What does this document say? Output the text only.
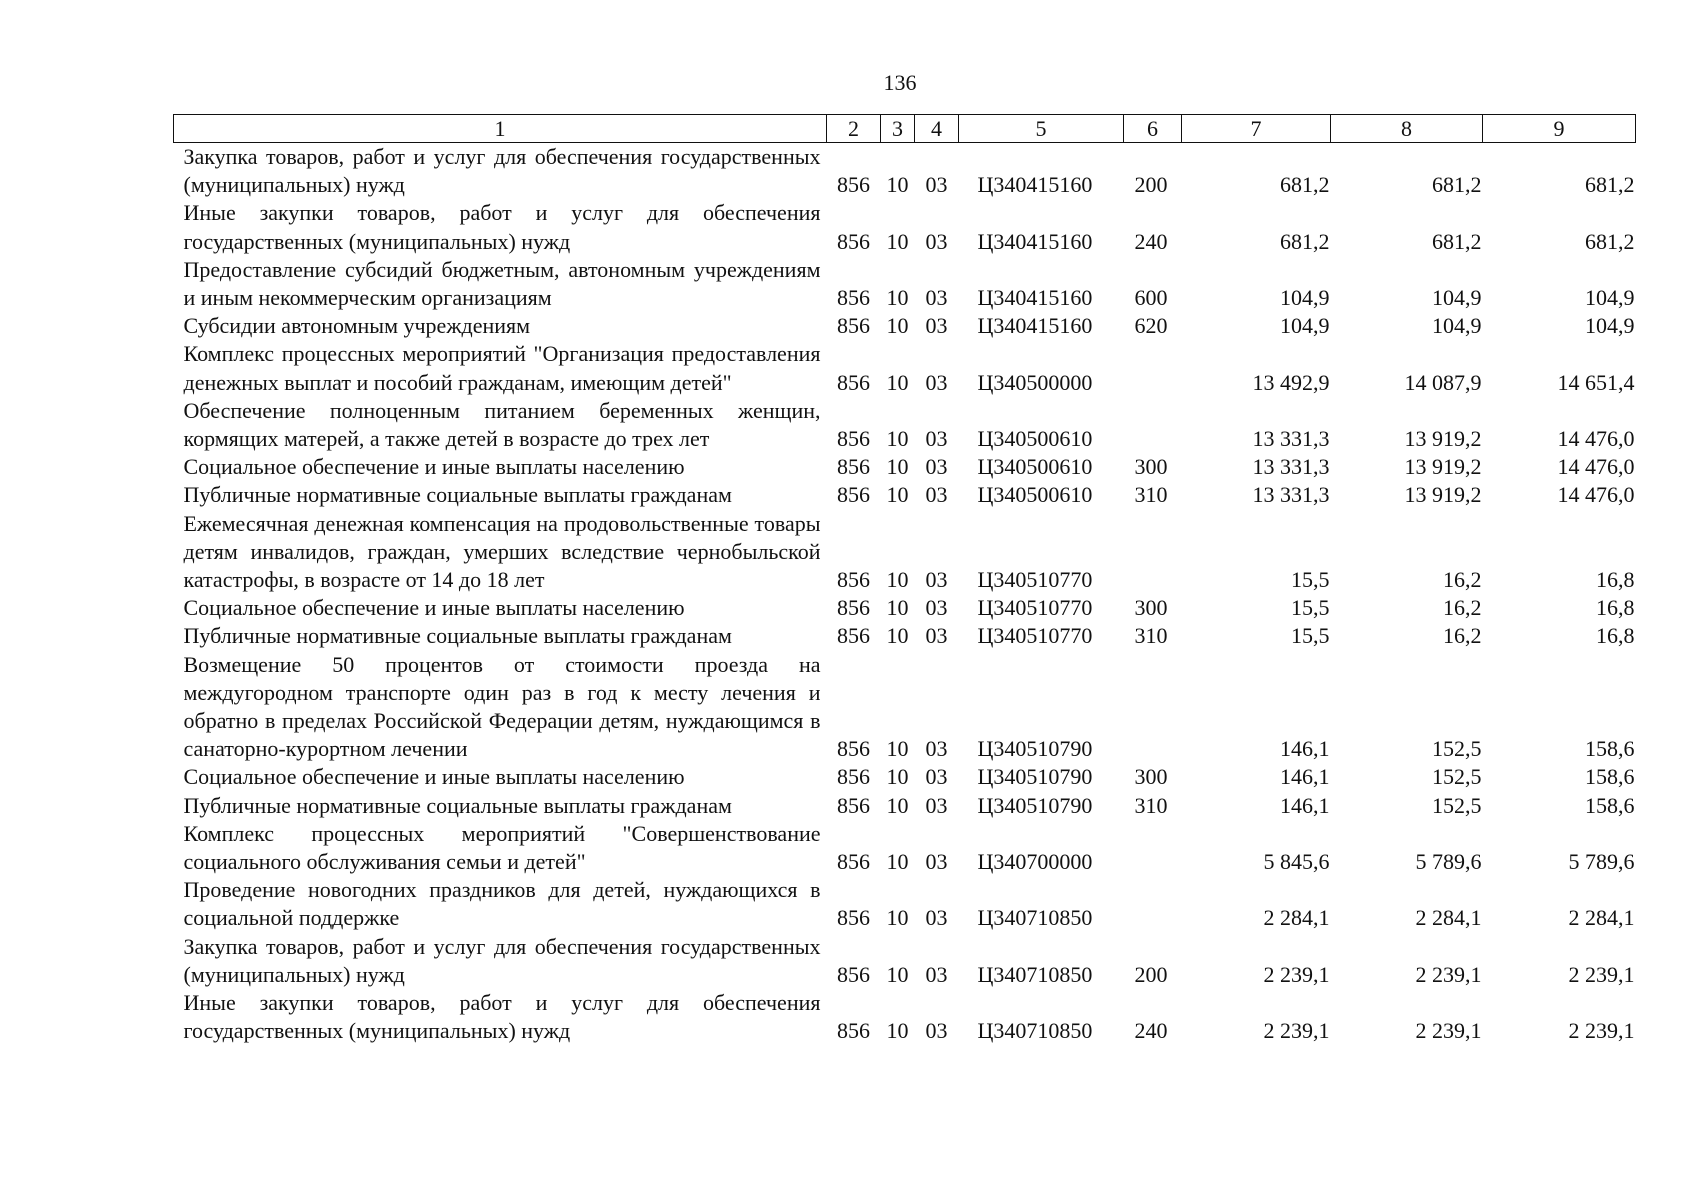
136
1	2	3	4	5	6	7	8	9
Закупка товаров, работ и услуг для обеспечения государственных (муниципальных) нужд	856	10	03	Ц340415160	200	681,2	681,2	681,2
Иные закупки товаров, работ и услуг для обеспечения государственных (муниципальных) нужд	856	10	03	Ц340415160	240	681,2	681,2	681,2
Предоставление субсидий бюджетным, автономным учреждениям и иным некоммерческим организациям	856	10	03	Ц340415160	600	104,9	104,9	104,9
Субсидии автономным учреждениям	856	10	03	Ц340415160	620	104,9	104,9	104,9
Комплекс процессных мероприятий "Организация предоставления денежных выплат и пособий гражданам, имеющим детей"	856	10	03	Ц340500000		13 492,9	14 087,9	14 651,4
Обеспечение полноценным питанием беременных женщин, кормящих матерей, а также детей в возрасте до трех лет	856	10	03	Ц340500610		13 331,3	13 919,2	14 476,0
Социальное обеспечение и иные выплаты населению	856	10	03	Ц340500610	300	13 331,3	13 919,2	14 476,0
Публичные нормативные социальные выплаты гражданам	856	10	03	Ц340500610	310	13 331,3	13 919,2	14 476,0
Ежемесячная денежная компенсация на продовольственные товары детям инвалидов, граждан, умерших вследствие чернобыльской катастрофы, в возрасте от 14 до 18 лет	856	10	03	Ц340510770		15,5	16,2	16,8
Социальное обеспечение и иные выплаты населению	856	10	03	Ц340510770	300	15,5	16,2	16,8
Публичные нормативные социальные выплаты гражданам	856	10	03	Ц340510770	310	15,5	16,2	16,8
Возмещение 50 процентов от стоимости проезда на междугородном транспорте один раз в год к месту лечения и обратно в пределах Российской Федерации детям, нуждающимся в санаторно-курортном лечении	856	10	03	Ц340510790		146,1	152,5	158,6
Социальное обеспечение и иные выплаты населению	856	10	03	Ц340510790	300	146,1	152,5	158,6
Публичные нормативные социальные выплаты гражданам	856	10	03	Ц340510790	310	146,1	152,5	158,6
Комплекс процессных мероприятий "Совершенствование социального обслуживания семьи и детей"	856	10	03	Ц340700000		5 845,6	5 789,6	5 789,6
Проведение новогодних праздников для детей, нуждающихся в социальной поддержке	856	10	03	Ц340710850		2 284,1	2 284,1	2 284,1
Закупка товаров, работ и услуг для обеспечения государственных (муниципальных) нужд	856	10	03	Ц340710850	200	2 239,1	2 239,1	2 239,1
Иные закупки товаров, работ и услуг для обеспечения государственных (муниципальных) нужд	856	10	03	Ц340710850	240	2 239,1	2 239,1	2 239,1
